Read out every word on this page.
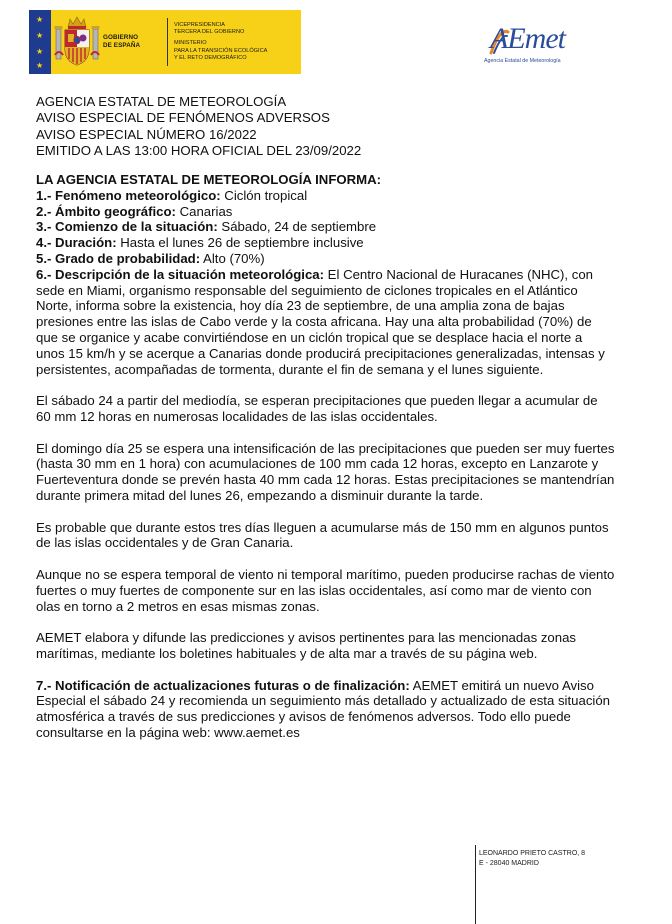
★
★
★
★
GOBIERNO
DE ESPAÑA
VICEPRESIDENCIA
TERCERA DEL GOBIERNO
MINISTERIO
PARA LA TRANSICIÓN ECOLÓGICA
Y EL RETO DEMOGRÁFICO
AEmet
Agencia Estatal de Meteorología
AGENCIA ESTATAL DE METEOROLOGÍA
AVISO ESPECIAL DE FENÓMENOS ADVERSOS
AVISO ESPECIAL NÚMERO 16/2022
EMITIDO A LAS 13:00 HORA OFICIAL DEL 23/09/2022

LA AGENCIA ESTATAL DE METEOROLOGÍA INFORMA:

1.- Fenómeno meteorológico: Ciclón tropical

2.- Ámbito geográfico: Canarias

3.- Comienzo de la situación: Sábado, 24 de septiembre

4.- Duración: Hasta el lunes 26 de septiembre inclusive

5.- Grado de probabilidad: Alto (70%)

6.- Descripción de la situación meteorológica: El Centro Nacional de Huracanes (NHC), con

sede en Miami, organismo responsable del seguimiento de ciclones tropicales en el Atlántico

Norte, informa sobre la existencia, hoy día 23 de septiembre, de una amplia zona de bajas

presiones entre las islas de Cabo verde y la costa africana. Hay una alta probabilidad (70%) de

que se organice y acabe convirtiéndose en un ciclón tropical que se desplace hacia el norte a

unos 15 km/h y se acerque a Canarias donde producirá precipitaciones generalizadas, intensas y

persistentes, acompañadas de tormenta, durante el fin de semana y el lunes siguiente.

El sábado 24 a partir del mediodía, se esperan precipitaciones que pueden llegar a acumular de

60 mm 12 horas en numerosas localidades de las islas occidentales.

El domingo día 25 se espera una intensificación de las precipitaciones que pueden ser muy fuertes

(hasta 30 mm en 1 hora) con acumulaciones de 100 mm cada 12 horas, excepto en Lanzarote y

Fuerteventura donde se prevén hasta 40 mm cada 12 horas. Estas precipitaciones se mantendrían

durante primera mitad del lunes 26, empezando a disminuir durante la tarde.

Es probable que durante estos tres días lleguen a acumularse más de 150 mm en algunos puntos

de las islas occidentales y de Gran Canaria.

Aunque no se espera temporal de viento ni temporal marítimo, pueden producirse rachas de viento

fuertes o muy fuertes de componente sur en las islas occidentales, así como mar de viento con

olas en torno a 2 metros en esas mismas zonas.

AEMET elabora y difunde las predicciones y avisos pertinentes para las mencionadas zonas

marítimas, mediante los boletines habituales y de alta mar a través de su página web.

7.- Notificación de actualizaciones futuras o de finalización: AEMET emitirá un nuevo Aviso

Especial el sábado 24 y recomienda un seguimiento más detallado y actualizado de esta situación

atmosférica a través de sus predicciones y avisos de fenómenos adversos. Todo ello puede

consultarse en la página web: www.aemet.es

LEONARDO PRIETO CASTRO, 8
E - 28040 MADRID
